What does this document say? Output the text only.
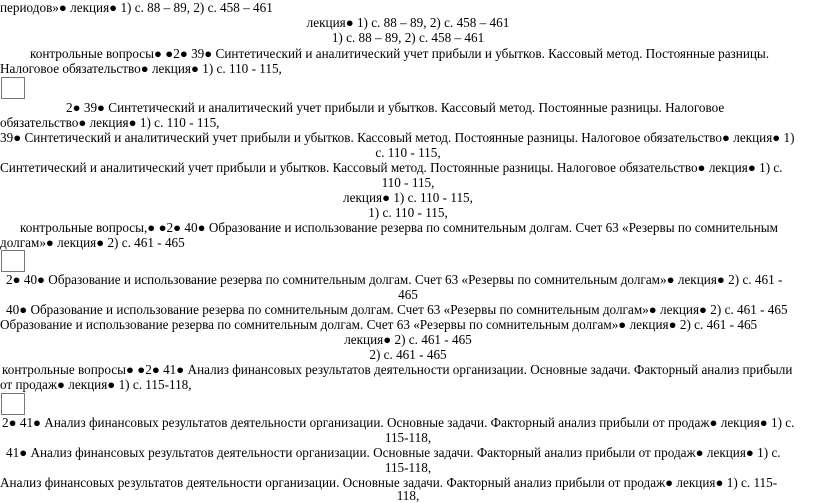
периодов»● лекция● 1) с. 88 – 89, 2) с. 458 – 461
лекция● 1) с. 88 – 89, 2) с. 458 – 461
1) с. 88 – 89, 2) с. 458 – 461
контрольные вопросы● ●2● 39● Синтетический и аналитический учет прибыли и убытков. Кассовый метод. Постоянные разницы.
Налоговое обязательство● лекция● 1) с. 110 - 115,
2● 39● Синтетический и аналитический учет прибыли и убытков. Кассовый метод. Постоянные разницы. Налоговое
обязательство● лекция● 1) с. 110 - 115,
39● Синтетический и аналитический учет прибыли и убытков. Кассовый метод. Постоянные разницы. Налоговое обязательство● лекция● 1)
с. 110 - 115,
Синтетический и аналитический учет прибыли и убытков. Кассовый метод. Постоянные разницы. Налоговое обязательство● лекция● 1) с.
110 - 115,
лекция● 1) с. 110 - 115,
1) с. 110 - 115,
контрольные вопросы,● ●2● 40● Образование и использование резерва по сомнительным долгам. Счет 63 «Резервы по сомнительным
долгам»● лекция● 2) с. 461 - 465
2● 40● Образование и использование резерва по сомнительным долгам. Счет 63 «Резервы по сомнительным долгам»● лекция● 2) с. 461 -
465
40● Образование и использование резерва по сомнительным долгам. Счет 63 «Резервы по сомнительным долгам»● лекция● 2) с. 461 - 465
Образование и использование резерва по сомнительным долгам. Счет 63 «Резервы по сомнительным долгам»● лекция● 2) с. 461 - 465
лекция● 2) с. 461 - 465
2) с. 461 - 465
контрольные вопросы● ●2● 41● Анализ финансовых результатов деятельности организации. Основные задачи. Факторный анализ прибыли
от продаж● лекция● 1) с. 115-118,
2● 41● Анализ финансовых результатов деятельности организации. Основные задачи. Факторный анализ прибыли от продаж● лекция● 1) с.
115-118,
41● Анализ финансовых результатов деятельности организации. Основные задачи. Факторный анализ прибыли от продаж● лекция● 1) с.
115-118,
Анализ финансовых результатов деятельности организации. Основные задачи. Факторный анализ прибыли от продаж● лекция● 1) с. 115-
118,
